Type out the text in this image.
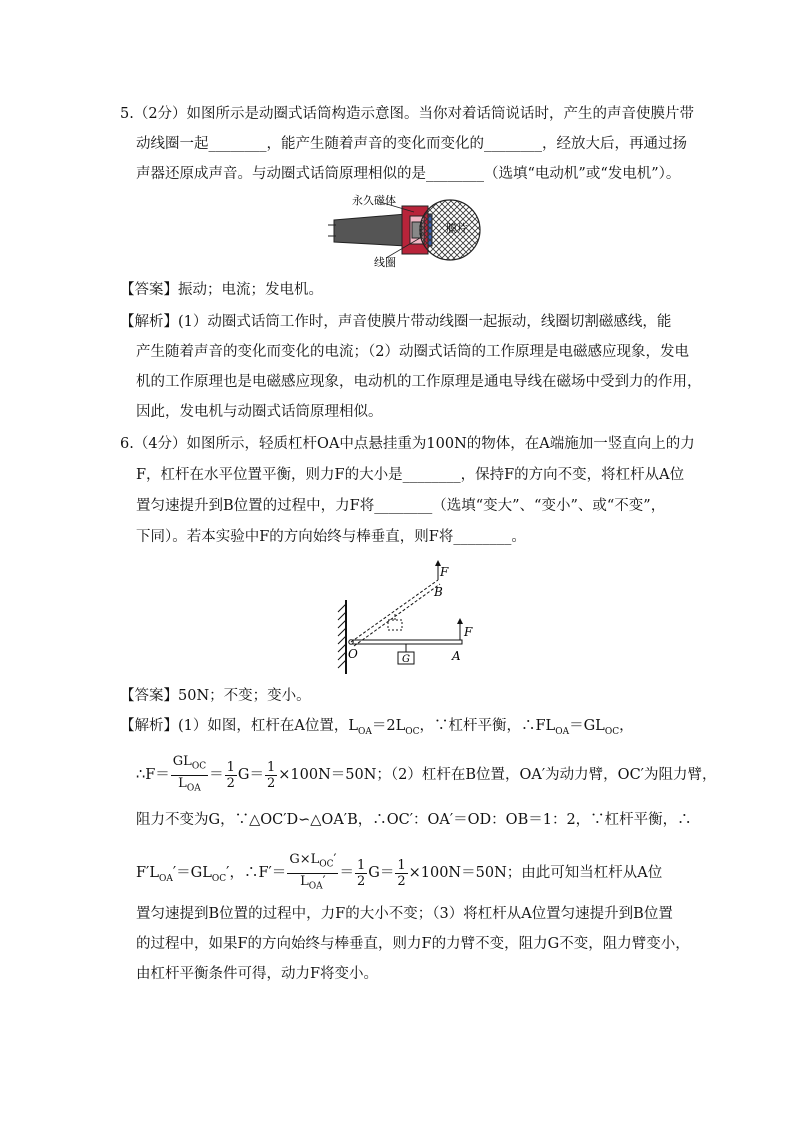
5.（2分）如图所示是动圈式话筒构造示意图。当你对着话筒说话时，产生的声音使膜片带
动线圈一起________，能产生随着声音的变化而变化的________，经放大后，再通过扬
声器还原成声音。与动圈式话筒原理相似的是________（选填“电动机”或“发电机”）。
永久磁体
膜片
线圈
【答案】振动；电流；发电机。
【解析】(1）动圈式话筒工作时，声音使膜片带动线圈一起振动，线圈切割磁感线，能
产生随着声音的变化而变化的电流；（2）动圈式话筒的工作原理是电磁感应现象，发电
机的工作原理也是电磁感应现象，电动机的工作原理是通电导线在磁场中受到力的作用，
因此，发电机与动圈式话筒原理相似。
6.（4分）如图所示，轻质杠杆OA中点悬挂重为100N的物体，在A端施加一竖直向上的力
F，杠杆在水平位置平衡，则力F的大小是________，保持F的方向不变，将杠杆从A位
置匀速提升到B位置的过程中，力F将________（选填“变大”、“变小”、或“不变”，
下同）。若本实验中F的方向始终与棒垂直，则F将________。
F
B
F
O	A
G
【答案】50N；不变；变小。
【解析】(1）如图，杠杆在A位置，$L_{OA}=2L_{OC}$，∵杠杆平衡，$\therefore FL_{OA}=GL_{OC}$，
∴F＝ $\frac{GL_{OC}}{L_{OA}} = \frac{1}{2} G= \frac{1}{2} \times 100N=50N$；（2）杠杆在B位置，OA′为动力臂，OC′为阻力臂，
阻力不变为G，∵△OC′D∽△OA′B，∴OC′：OA′＝OD：OB＝1：2，∵杠杆平衡，∴
$F'L_{OA}'=GL_{OC}'$，∴F′＝ $\frac{G\times L_{OC}'}{L_{OA}'} = \frac{1}{2} G= \frac{1}{2} \times 100N=50N$；由此可知当杠杆从A位
置匀速提到B位置的过程中，力F的大小不变；（3）将杠杆从A位置匀速提升到B位置
的过程中，如果F的方向始终与棒垂直，则力F的力臂不变，阻力G不变，阻力臂变小，
由杠杆平衡条件可得，动力F将变小。
